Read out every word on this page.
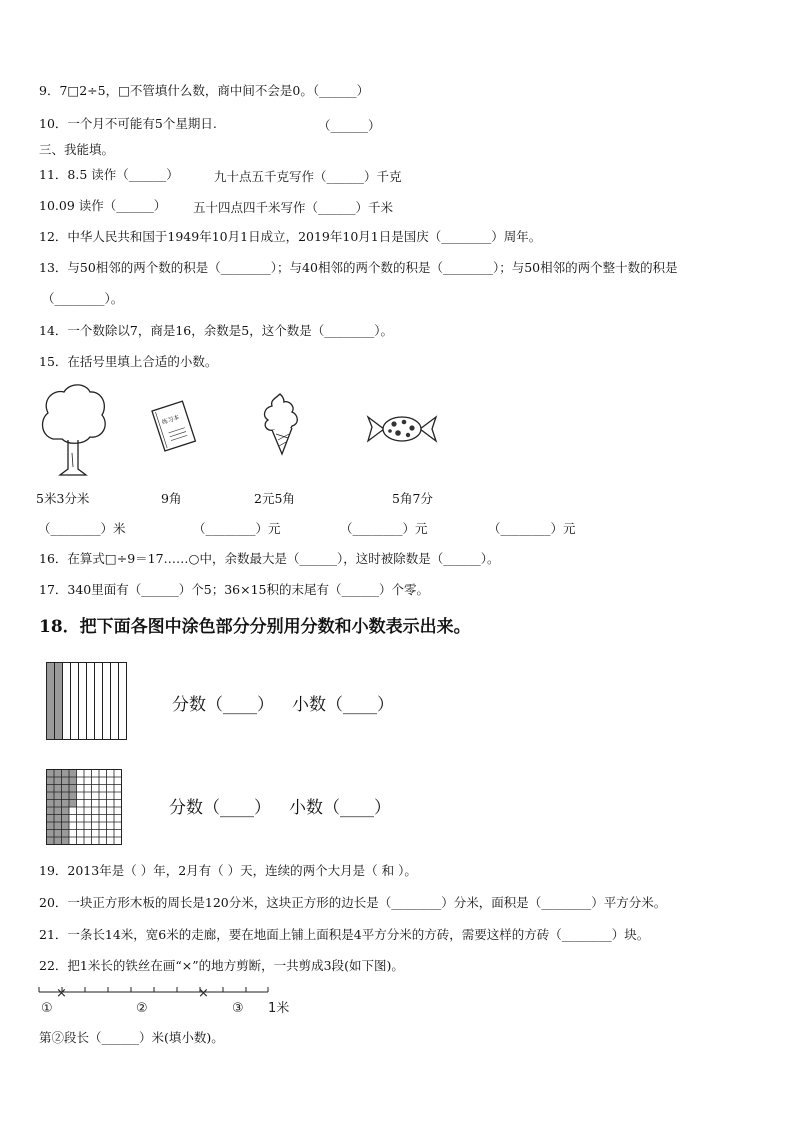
9．7□2÷5，□不管填什么数，商中间不会是0。（______）
10．一个月不可能有5个星期日.	（______）
三、我能填。
11．8.5 读作（______）	九十点五千克写作（______）千克
10.09 读作（______） 五十四点四千米写作（______）千米
12．中华人民共和国于1949年10月1日成立，2019年10月1日是国庆（________）周年。
13．与50相邻的两个数的积是（________）；与40相邻的两个数的积是（________）；与50相邻的两个整十数的积是
（________）。
14．一个数除以7，商是16，余数是5，这个数是（________）。
15．在括号里填上合适的小数。
练习本
5米3分米	9角	2元5角	5角7分
（________）米	（________）元	（________）元	（________）元
16．在算式□÷9＝17……○中，余数最大是（______），这时被除数是（______）。
17．340里面有（______）个5；36×15积的末尾有（______）个零。
18．把下面各图中涂色部分分别用分数和小数表示出来。
分数（____） 小数（____）
分数（____） 小数（____）
19．2013年是（ ）年，2月有（ ）天，连续的两个大月是（ 和 ）。
20．一块正方形木板的周长是120分米，这块正方形的边长是（________）分米，面积是（________）平方分米。
21．一条长14米，宽6米的走廊，要在地面上铺上面积是4平方分米的方砖，需要这样的方砖（________）块。
22．把1米长的铁丝在画“×”的地方剪断，一共剪成3段(如下图)。
×	×
①	②	③ 1米
第②段长（______）米(填小数)。
